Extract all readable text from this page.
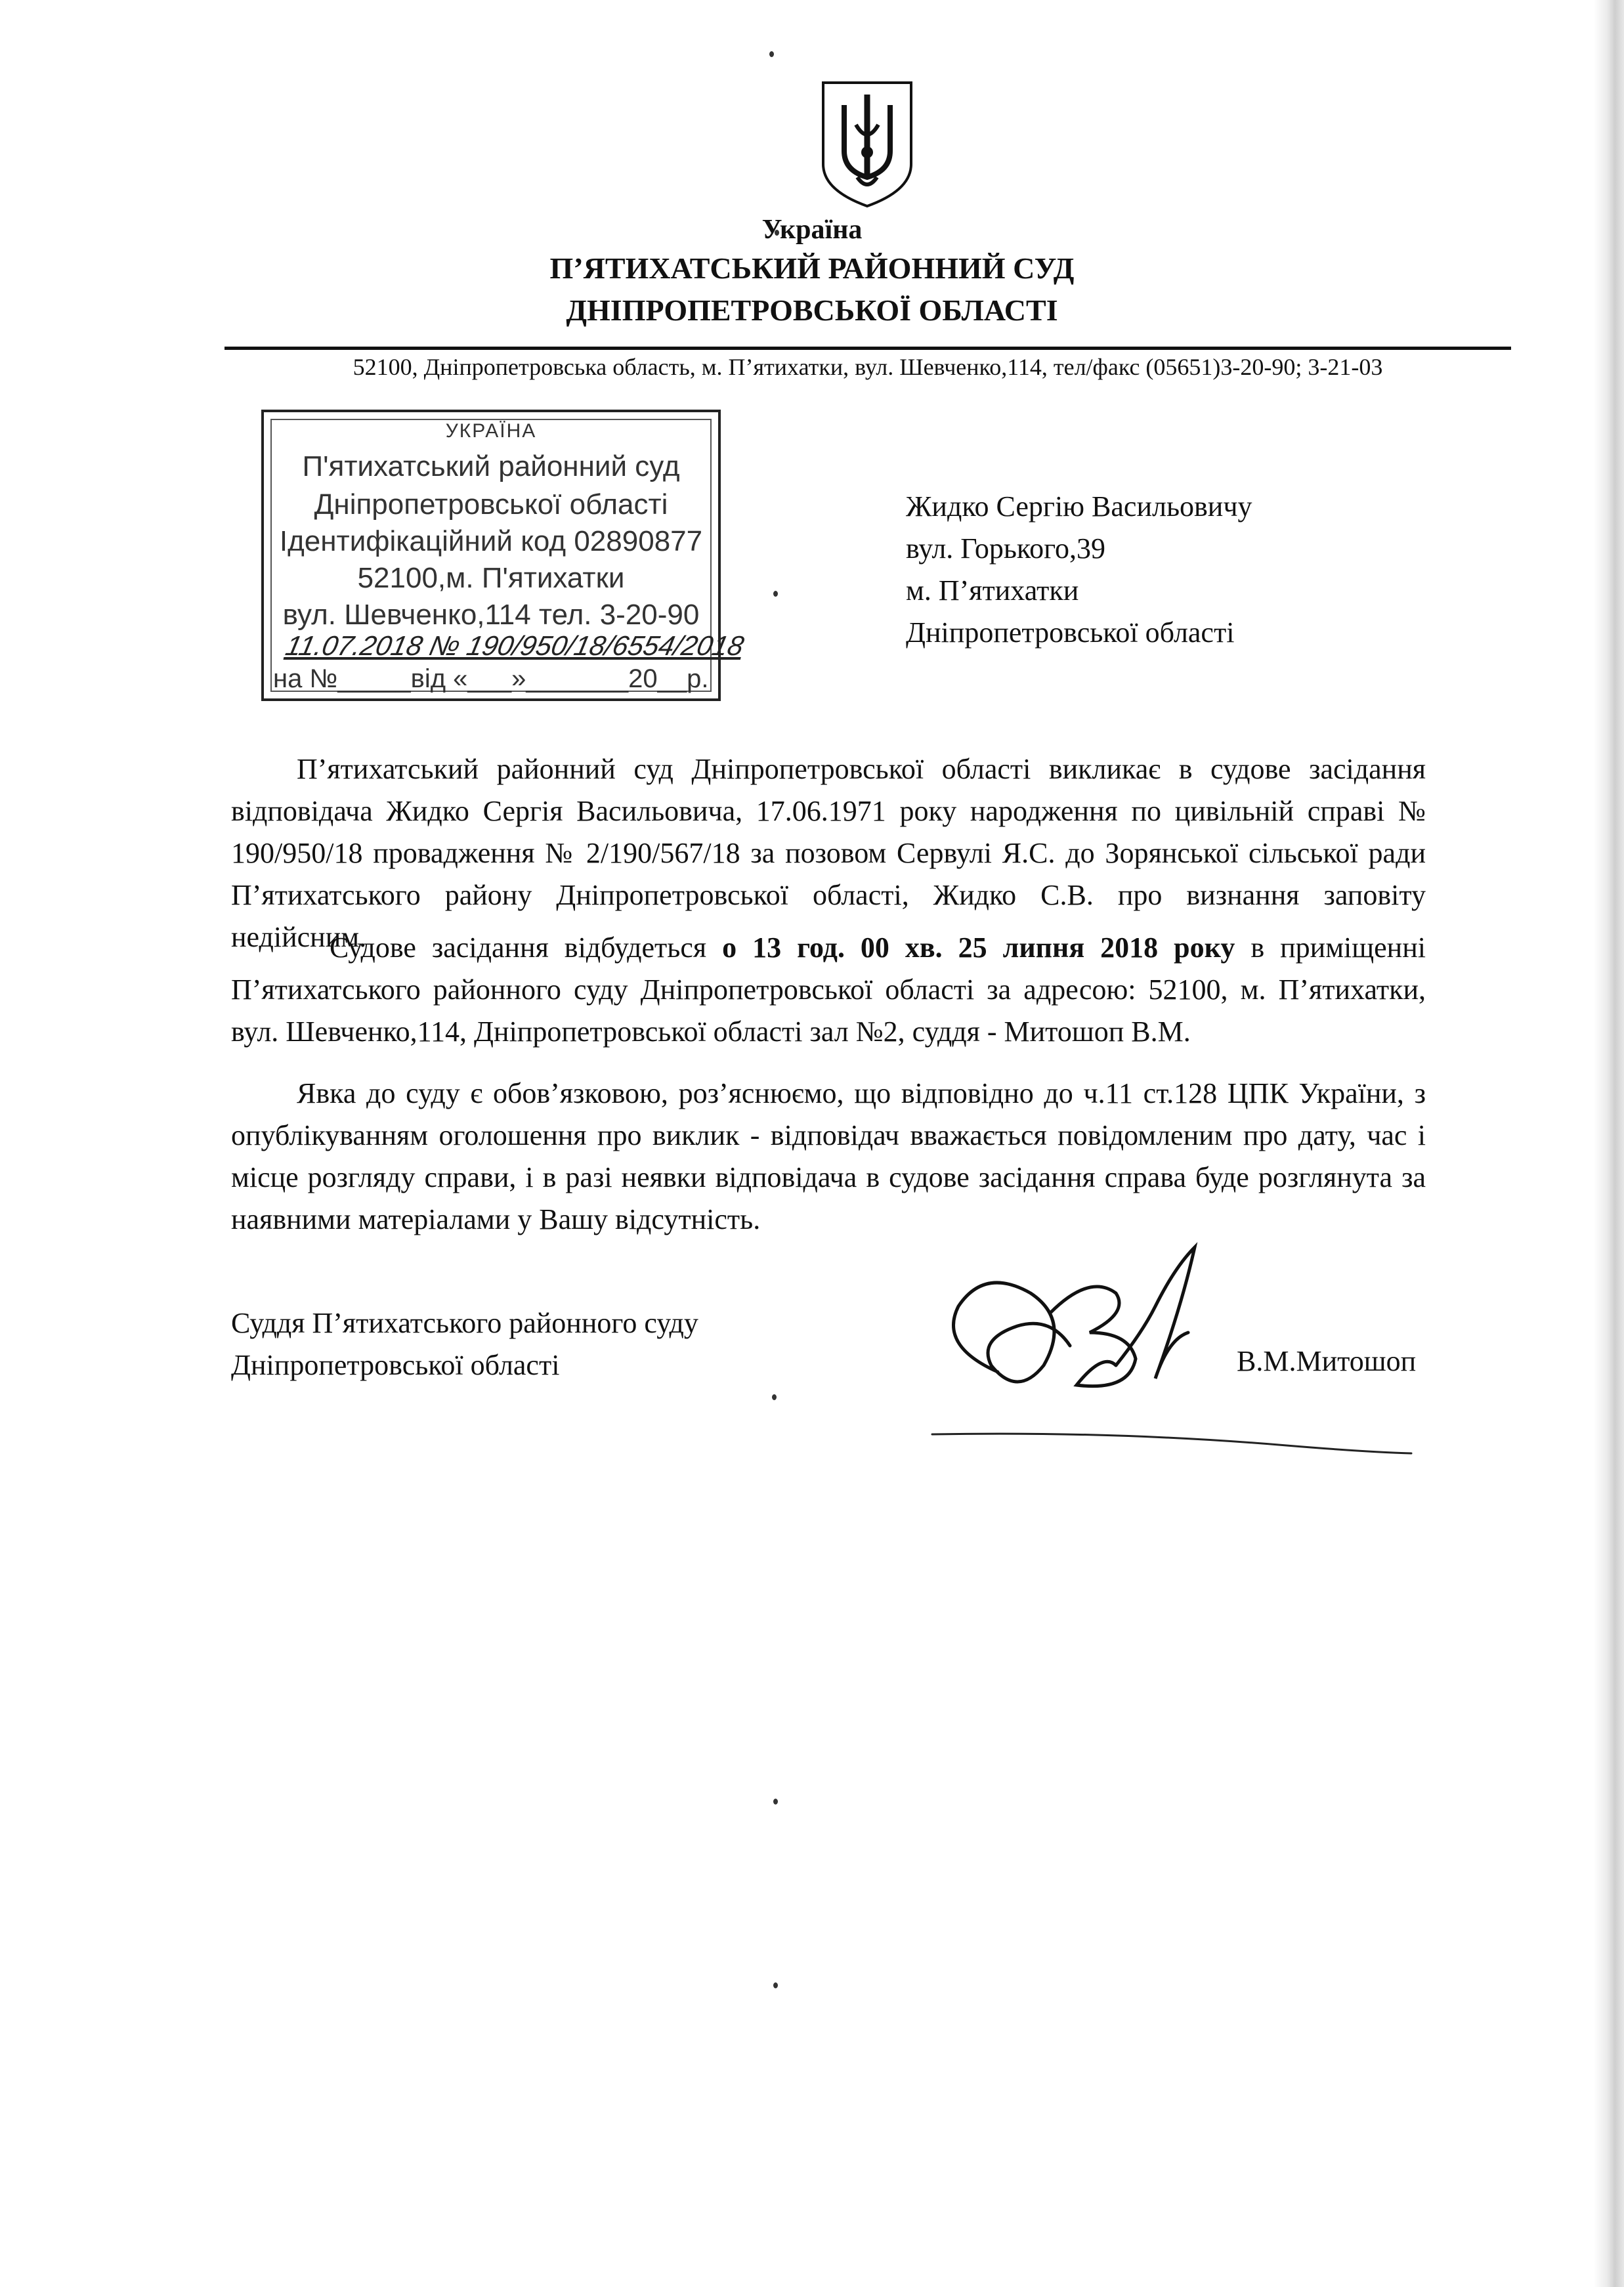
Україна
П’ЯТИХАТСЬКИЙ РАЙОННИЙ СУД
ДНІПРОПЕТРОВСЬКОЇ ОБЛАСТІ
52100, Дніпропетровська область, м. П’ятихатки, вул. Шевченко,114, тел/факс (05651)3-20-90; 3-21-03
УКРАЇНА
П'ятихатський районний суд
Дніпропетровської області
Ідентифікаційний код 02890877
52100,м. П'ятихатки
вул. Шевченко,114 тел. 3-20-90
11.07.2018 № 190/950/18/6554/2018
на №_____від «___»_______20__р.
Жидко Сергію Васильовичу
вул. Горького,39
м. П’ятихатки
Дніпропетровської області
П’ятихатський районний суд Дніпропетровської області викликає в судове засідання відповідача Жидко Сергія Васильовича, 17.06.1971 року народження по цивільній справі № 190/950/18 провадження № 2/190/567/18 за позовом Сервулі Я.С. до Зорянської сільської ради П’ятихатського району Дніпропетровської області, Жидко С.В. про визнання заповіту недійсним.
Судове засідання відбудеться о 13 год. 00 хв. 25 липня 2018 року в приміщенні П’ятихатського районного суду Дніпропетровської області за адресою: 52100, м. П’ятихатки, вул. Шевченко,114, Дніпропетровської області зал №2, суддя - Митошоп В.М.
Явка до суду є обов’язковою, роз’яснюємо, що відповідно до ч.11 ст.128 ЦПК України, з опублікуванням оголошення про виклик - відповідач вважається повідомленим про дату, час і місце розгляду справи, і в разі неявки відповідача в судове засідання справа буде розглянута за наявними матеріалами у Вашу відсутність.
Суддя П’ятихатського районного суду
Дніпропетровської області	В.М.Митошоп
